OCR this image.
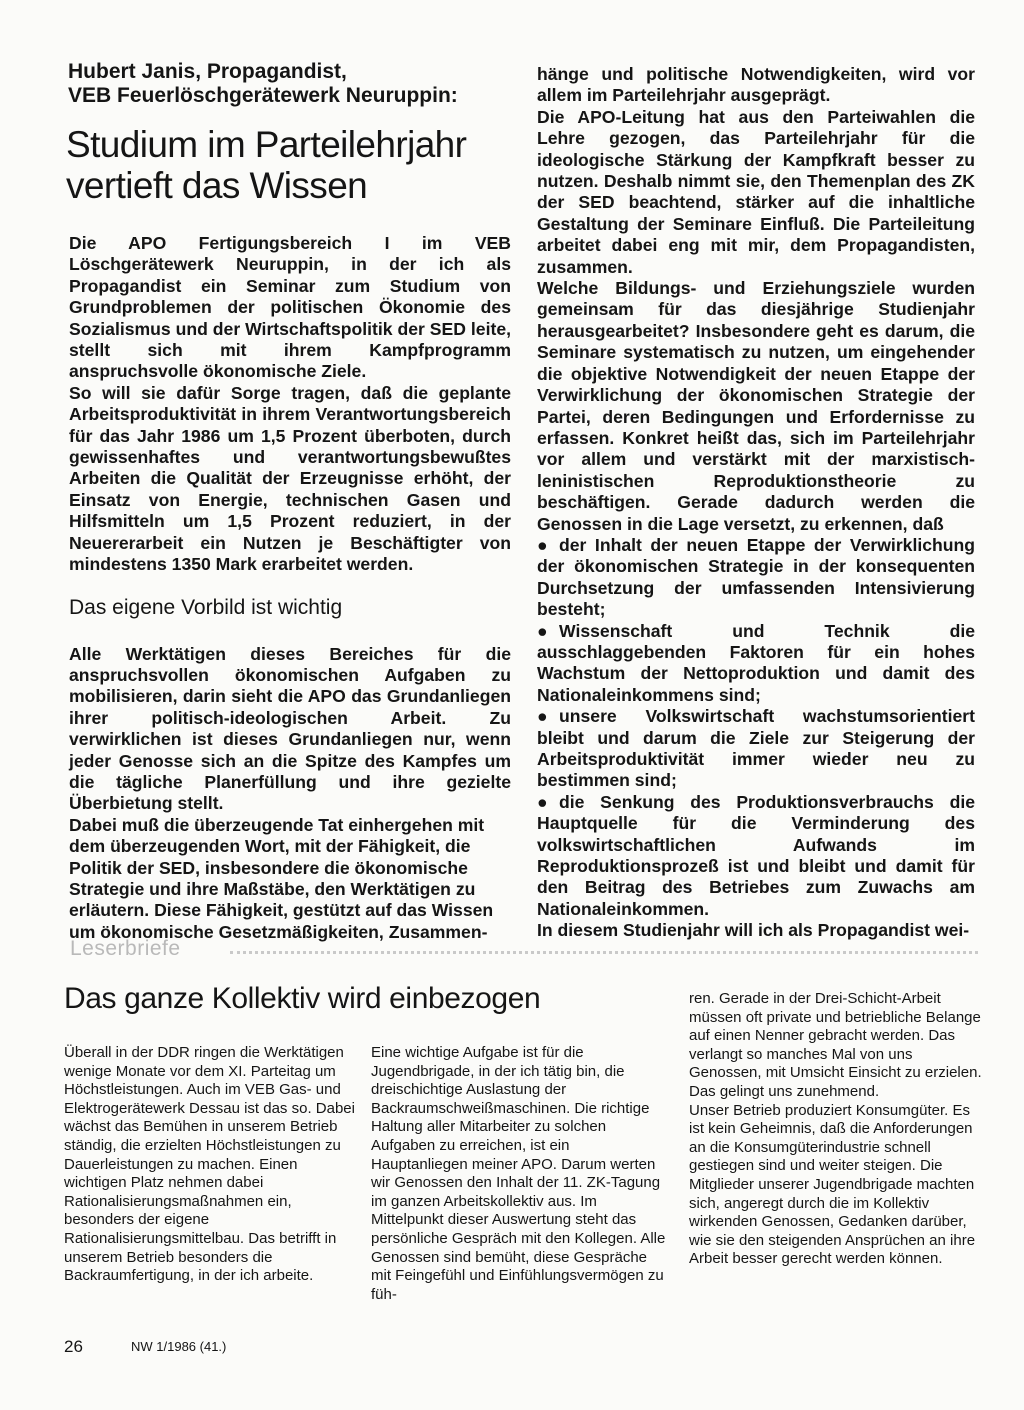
Hubert Janis, Propagandist,
VEB Feuerlöschgerätewerk Neuruppin:
Studium im Parteilehrjahr
vertieft das Wissen

Die APO Fertigungsbereich I im VEB Löschgerätewerk Neuruppin, in der ich als Propagandist ein Seminar zum Studium von Grundproblemen der politischen Ökonomie des Sozialismus und der Wirtschaftspolitik der SED leite, stellt sich mit ihrem Kampfprogramm anspruchsvolle ökonomische Ziele.

So will sie dafür Sorge tragen, daß die geplante Arbeitsproduktivität in ihrem Verantwortungsbereich für das Jahr 1986 um 1,5 Prozent überboten, durch gewissenhaftes und verantwortungsbewußtes Arbeiten die Qualität der Erzeugnisse erhöht, der Einsatz von Energie, technischen Gasen und Hilfsmitteln um 1,5 Prozent reduziert, in der Neuererarbeit ein Nutzen je Beschäftigter von mindestens 1350 Mark erarbeitet werden.

Das eigene Vorbild ist wichtig

Alle Werktätigen dieses Bereiches für die anspruchsvollen ökonomischen Aufgaben zu mobilisieren, darin sieht die APO das Grundanliegen ihrer politisch-ideologischen Arbeit. Zu verwirklichen ist dieses Grundanliegen nur, wenn jeder Genosse sich an die Spitze des Kampfes um die tägliche Planerfüllung und ihre gezielte Überbietung stellt.

Dabei muß die überzeugende Tat einhergehen mit dem überzeugenden Wort, mit der Fähigkeit, die Politik der SED, insbesondere die ökonomische Strategie und ihre Maßstäbe, den Werktätigen zu erläutern. Diese Fähigkeit, gestützt auf das Wissen um ökonomische Gesetzmäßigkeiten, Zusammen-

hänge und politische Notwendigkeiten, wird vor allem im Parteilehrjahr ausgeprägt.

Die APO-Leitung hat aus den Parteiwahlen die Lehre gezogen, das Parteilehrjahr für die ideologische Stärkung der Kampfkraft besser zu nutzen. Deshalb nimmt sie, den Themenplan des ZK der SED beachtend, stärker auf die inhaltliche Gestaltung der Seminare Einfluß. Die Parteileitung arbeitet dabei eng mit mir, dem Propagandisten, zusammen.

Welche Bildungs- und Erziehungsziele wurden gemeinsam für das diesjährige Studienjahr herausgearbeitet? Insbesondere geht es darum, die Seminare systematisch zu nutzen, um eingehender die objektive Notwendigkeit der neuen Etappe der Verwirklichung der ökonomischen Strategie der Partei, deren Bedingungen und Erfordernisse zu erfassen. Konkret heißt das, sich im Parteilehrjahr vor allem und verstärkt mit der marxistisch-leninistischen Reproduktionstheorie zu beschäftigen. Gerade dadurch werden die Genossen in die Lage versetzt, zu erkennen, daß

● der Inhalt der neuen Etappe der Verwirklichung der ökonomischen Strategie in der konsequenten Durchsetzung der umfassenden Intensivierung besteht;

● Wissenschaft und Technik die ausschlaggebenden Faktoren für ein hohes Wachstum der Nettoproduktion und damit des Nationaleinkommens sind;

● unsere Volkswirtschaft wachstumsorientiert bleibt und darum die Ziele zur Steigerung der Arbeitsproduktivität immer wieder neu zu bestimmen sind;

● die Senkung des Produktionsverbrauchs die Hauptquelle für die Verminderung des volkswirtschaftlichen Aufwands im Reproduktionsprozeß ist und bleibt und damit für den Beitrag des Betriebes zum Zuwachs am Nationaleinkommen.

In diesem Studienjahr will ich als Propagandist wei-

Leserbriefe
Das ganze Kollektiv wird einbezogen

Überall in der DDR ringen die Werktätigen wenige Monate vor dem XI. Parteitag um Höchstleistungen. Auch im VEB Gas- und Elektrogerätewerk Dessau ist das so. Dabei wächst das Bemühen in unserem Betrieb ständig, die erzielten Höchstleistungen zu Dauerleistungen zu machen. Einen wichtigen Platz nehmen dabei Rationalisierungsmaßnahmen ein, besonders der eigene Rationalisierungsmittelbau. Das betrifft in unserem Betrieb besonders die Backraumfertigung, in der ich arbeite.

Eine wichtige Aufgabe ist für die Jugendbrigade, in der ich tätig bin, die dreischichtige Auslastung der Backraumschweißmaschinen. Die richtige Haltung aller Mitarbeiter zu solchen Aufgaben zu erreichen, ist ein Hauptanliegen meiner APO. Darum werten wir Genossen den Inhalt der 11. ZK-Tagung im ganzen Arbeitskollektiv aus. Im Mittelpunkt dieser Auswertung steht das persönliche Gespräch mit den Kollegen. Alle Genossen sind bemüht, diese Gespräche mit Feingefühl und Einfühlungsvermögen zu füh-

ren. Gerade in der Drei-Schicht-Arbeit müssen oft private und betriebliche Belange auf einen Nenner gebracht werden. Das verlangt so manches Mal von uns Genossen, mit Umsicht Einsicht zu erzielen. Das gelingt uns zunehmend.

Unser Betrieb produziert Konsumgüter. Es ist kein Geheimnis, daß die Anforderungen an die Konsumgüterindustrie schnell gestiegen sind und weiter steigen. Die Mitglieder unserer Jugendbrigade machten sich, angeregt durch die im Kollektiv wirkenden Genossen, Gedanken darüber, wie sie den steigenden Ansprüchen an ihre Arbeit besser gerecht werden können.

26	NW 1/1986 (41.)
